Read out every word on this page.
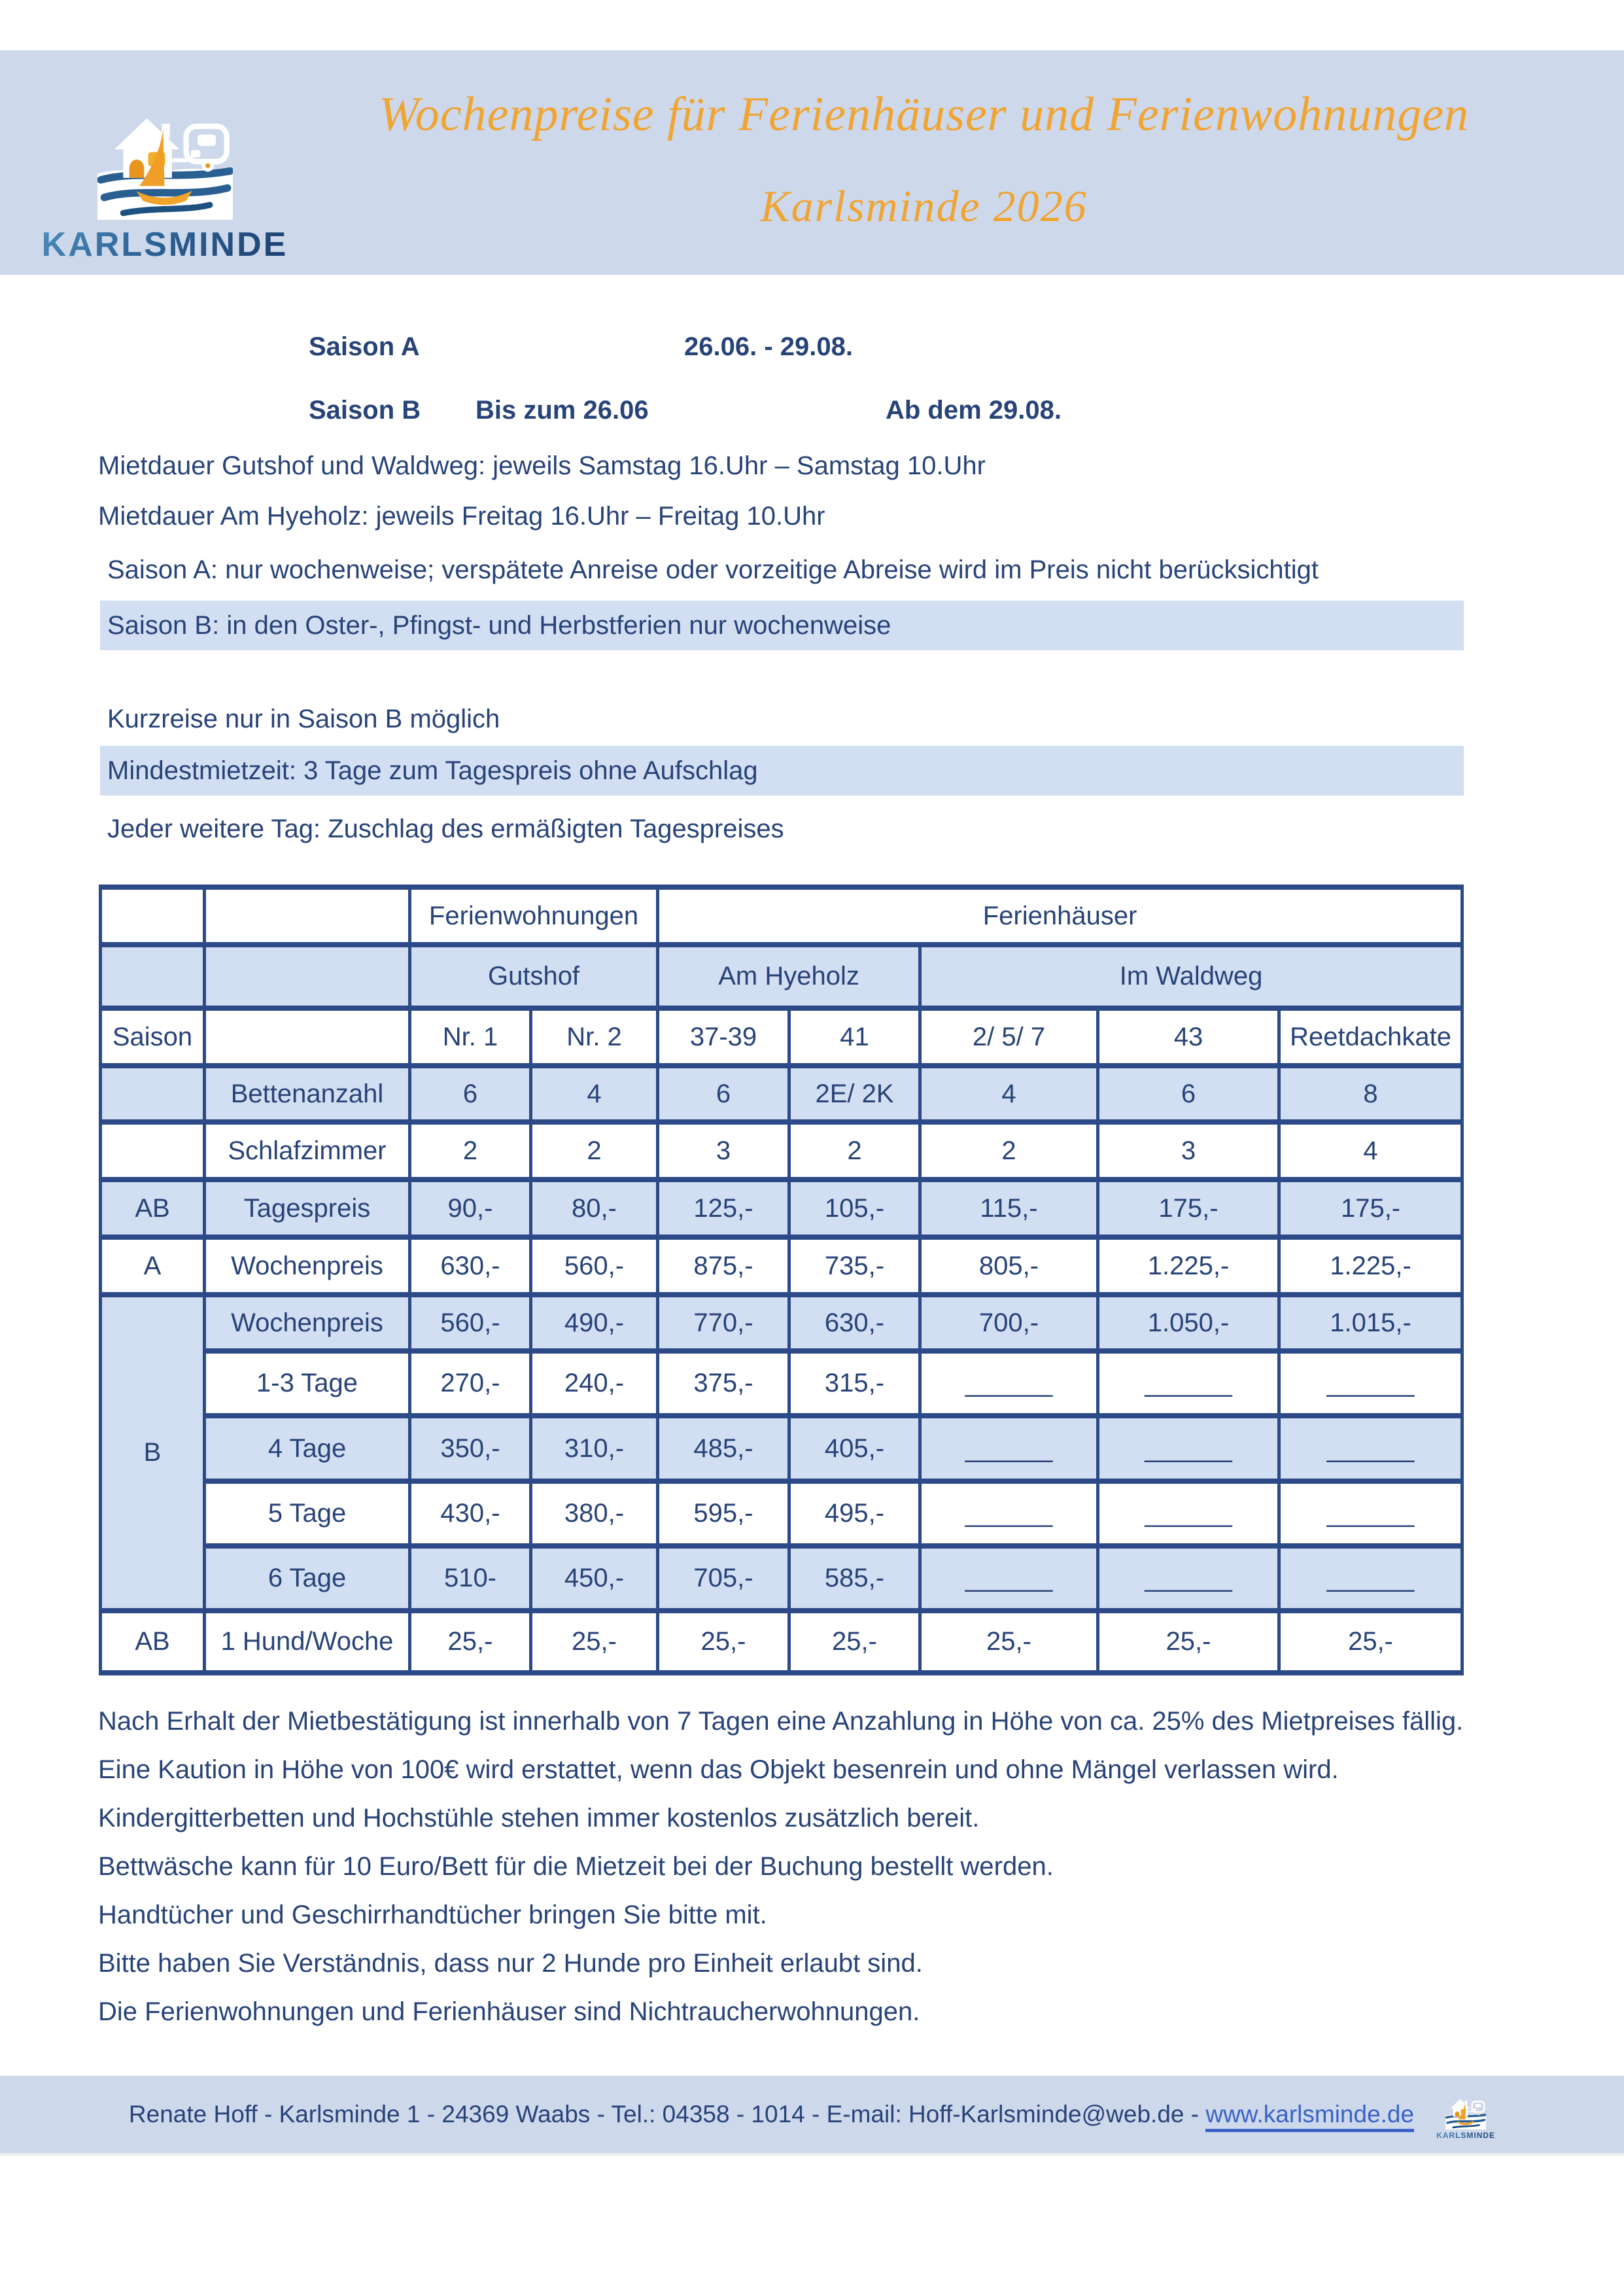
KARLSMINDE
Wochenpreise für Ferienhäuser und Ferienwohnungen
Karlsminde 2026
Saison A	26.06. - 29.08.
Saison B Bis zum 26.06	Ab dem 29.08.
Mietdauer Gutshof und Waldweg: jeweils Samstag 16.Uhr – Samstag 10.Uhr
Mietdauer Am Hyeholz: jeweils Freitag 16.Uhr – Freitag 10.Uhr
Saison A: nur wochenweise; verspätete Anreise oder vorzeitige Abreise wird im Preis nicht berücksichtigt
Saison B: in den Oster-, Pfingst- und Herbstferien nur wochenweise
Kurzreise nur in Saison B möglich
Mindestmietzeit: 3 Tage zum Tagespreis ohne Aufschlag
Jeder weitere Tag: Zuschlag des ermäßigten Tagespreises
		Ferienwohnungen		Ferienhäuser				
		Gutshof		Am Hyeholz		Im Waldweg		
Saison		Nr. 1	Nr. 2	37-39	41	2/ 5/ 7	43	Reetdachkate
	Bettenanzahl	6	4	6	2E/ 2K	4	6	8
	Schlafzimmer	2	2	3	2	2	3	4
AB	Tagespreis	90,-	80,-	125,-	105,-	115,-	175,-	175,-
A	Wochenpreis	630,-	560,-	875,-	735,-	805,-	1.225,-	1.225,-
B	Wochenpreis	560,-	490,-	770,-	630,-	700,-	1.050,-	1.015,-
	1-3 Tage	270,-	240,-	375,-	315,-	______	______	______
	4 Tage	350,-	310,-	485,-	405,-	______	______	______
	5 Tage	430,-	380,-	595,-	495,-	______	______	______
	6 Tage	510-	450,-	705,-	585,-	______	______	______
AB	1 Hund/Woche	25,-	25,-	25,-	25,-	25,-	25,-	25,-

Nach Erhalt der Mietbestätigung ist innerhalb von 7 Tagen eine Anzahlung in Höhe von ca. 25% des Mietpreises fällig.

Eine Kaution in Höhe von 100€ wird erstattet, wenn das Objekt besenrein und ohne Mängel verlassen wird.

Kindergitterbetten und Hochstühle stehen immer kostenlos zusätzlich bereit.

Bettwäsche kann für 10 Euro/Bett für die Mietzeit bei der Buchung bestellt werden.

Handtücher und Geschirrhandtücher bringen Sie bitte mit.

Bitte haben Sie Verständnis, dass nur 2 Hunde pro Einheit erlaubt sind.

Die Ferienwohnungen und Ferienhäuser sind Nichtraucherwohnungen.

Renate Hoff - Karlsminde 1 - 24369 Waabs - Tel.: 04358 - 1014 - E-mail: Hoff-Karlsminde@web.de - www.karlsminde.de
KARLSMINDE
